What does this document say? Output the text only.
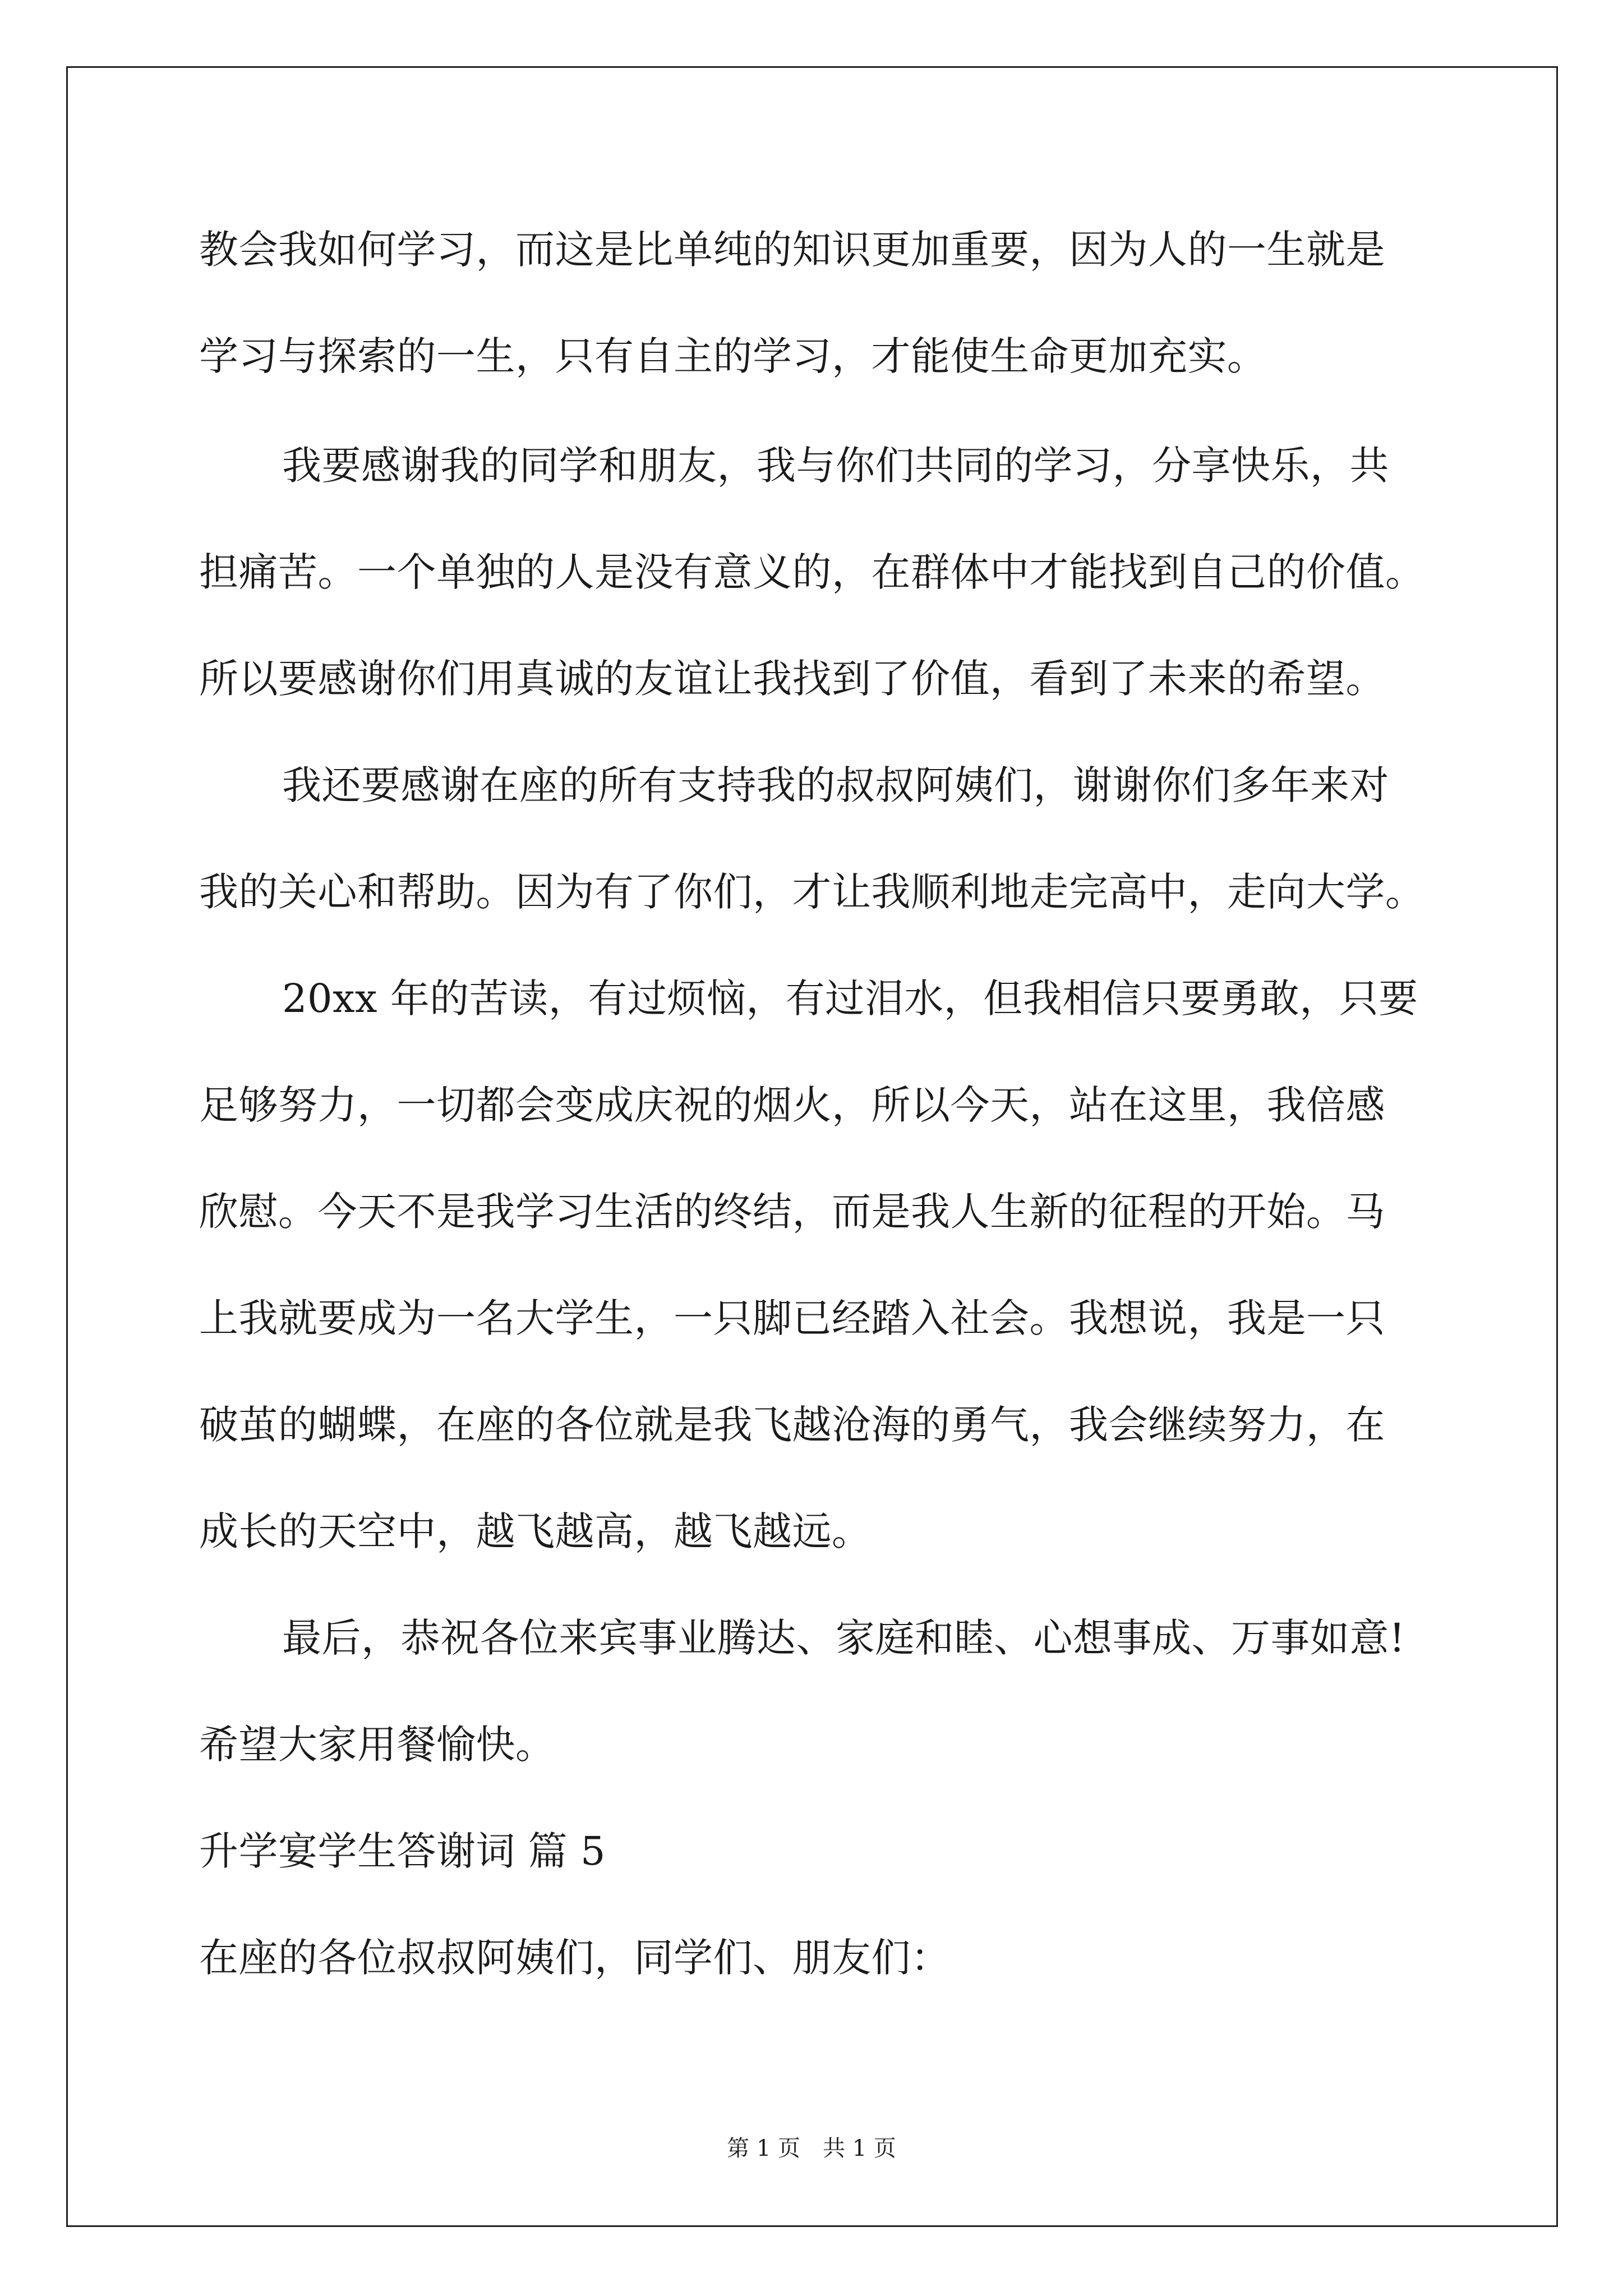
教会我如何学习，而这是比单纯的知识更加重要，因为人的一生就是
学习与探索的一生，只有自主的学习，才能使生命更加充实。
我要感谢我的同学和朋友，我与你们共同的学习，分享快乐，共
担痛苦。一个单独的人是没有意义的，在群体中才能找到自己的价值。
所以要感谢你们用真诚的友谊让我找到了价值，看到了未来的希望。
我还要感谢在座的所有支持我的叔叔阿姨们，谢谢你们多年来对
我的关心和帮助。因为有了你们，才让我顺利地走完高中，走向大学。
20xx 年的苦读，有过烦恼，有过泪水，但我相信只要勇敢，只要
足够努力，一切都会变成庆祝的烟火，所以今天，站在这里，我倍感
欣慰。今天不是我学习生活的终结，而是我人生新的征程的开始。马
上我就要成为一名大学生，一只脚已经踏入社会。我想说，我是一只
破茧的蝴蝶，在座的各位就是我飞越沧海的勇气，我会继续努力，在
成长的天空中，越飞越高，越飞越远。
最后，恭祝各位来宾事业腾达、家庭和睦、心想事成、万事如意!
希望大家用餐愉快。
升学宴学生答谢词 篇 5
在座的各位叔叔阿姨们，同学们、朋友们：
第 1 页　共 1 页
